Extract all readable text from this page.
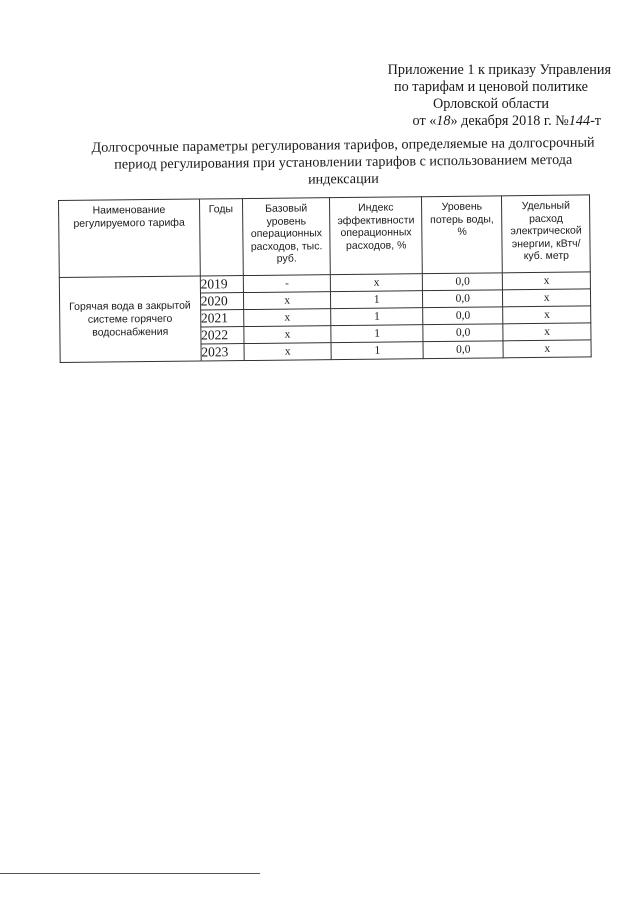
Приложение 1 к приказу Управления
по тарифам и ценовой политике
Орловской области
от «18» декабря 2018 г. №144-т
Долгосрочные параметры регулирования тарифов, определяемые на долгосрочный период регулирования при установлении тарифов с использованием метода индексации
Наименование регулируемого тарифа	Годы	Базовый уровень операционных расходов, тыс. руб.	Индекс эффективности операционных расходов, %	Уровень потерь воды, %	Удельный расход электрической энергии, кВтч/куб. метр
Горячая вода в закрытой системе горячего водоснабжения	2019	-	х	0,0	х
	2020	х	1	0,0	х
	2021	х	1	0,0	х
	2022	х	1	0,0	х
	2023	х	1	0,0	х
